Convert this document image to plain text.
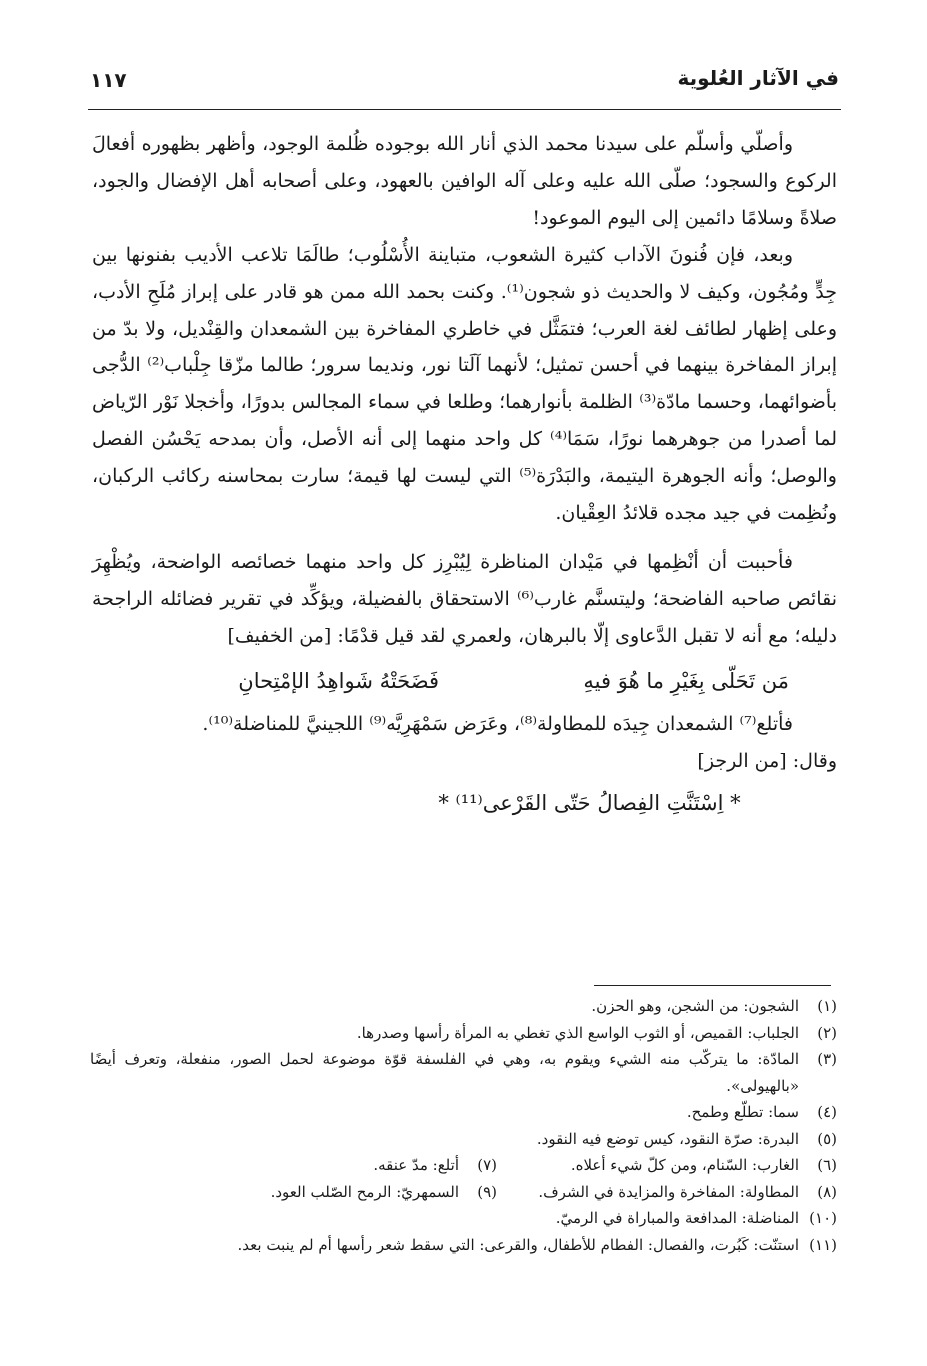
في الآثار العُلوية
١١٧

وأصلّي وأسلّم على سيدنا محمد الذي أنار الله بوجوده ظُلمة الوجود، وأظهر بظهوره أفعالَ الركوع والسجود؛ صلّى الله عليه وعلى آله الوافين بالعهود، وعلى أصحابه أهل الإفضال والجود، صلاةً وسلامًا دائمين إلى اليوم الموعود!

وبعد، فإن فُنونَ الآداب كثيرة الشعوب، متباينة الأُسْلُوب؛ طالَمَا تلاعب الأديب بفنونها بين جِدٍّ ومُجُون، وكيف لا والحديث ذو شجون⁽¹⁾. وكنت بحمد الله ممن هو قادر على إبراز مُلَحِ الأدب، وعلى إظهار لطائف لغة العرب؛ فتمَثَّل في خاطري المفاخرة بين الشمعدان والقِنْديل، ولا بدّ من إبراز المفاخرة بينهما في أحسن تمثيل؛ لأنهما آلَتا نور، ونديما سرور؛ طالما مزّقا جِلْباب⁽²⁾ الدُّجى بأضوائهما، وحسما مادّة⁽³⁾ الظلمة بأنوارهما؛ وطلعا في سماء المجالس بدورًا، وأخجلا نَوْر الرّياض لما أصدرا من جوهرهما نورًا، سَمَا⁽⁴⁾ كل واحد منهما إلى أنه الأصل، وأن بمدحه يَحْسُن الفصل والوصل؛ وأنه الجوهرة اليتيمة، والبَدْرَة⁽⁵⁾ التي ليست لها قيمة؛ سارت بمحاسنه ركائب الركبان، ونُظِمت في جيد مجده قلائدُ العِقْيان.

فأحببت أن أنْظِمها في مَيْدان المناظرة لِيُبْرِز كل واحد منهما خصائصه الواضحة، ويُظْهِرَ نقائص صاحبه الفاضحة؛ وليتسنَّم غارب⁽⁶⁾ الاستحقاق بالفضيلة، ويؤكِّد في تقرير فضائله الراجحة دليله؛ مع أنه لا تقبل الدَّعاوى إلّا بالبرهان، ولعمري لقد قيل قدْمًا: [من الخفيف]

مَن تَحَلّى بِغَيْرِ ما هُوَ فيهِ
فَضَحَتْهُ شَواهِدُ الإمْتِحانِ

فأتلع⁽⁷⁾ الشمعدان جِيدَه للمطاولة⁽⁸⁾، وعَرَض سَمْهَرِيَّه⁽⁹⁾ اللجينيَّ للمناضلة⁽¹⁰⁾.

وقال: [من الرجز]

* اِسْتَنَّتِ الفِصالُ حَتّى القَرْعى⁽¹¹⁾ *
(١)
الشجون: من الشجن، وهو الحزن.
(٢)
الجلباب: القميص، أو الثوب الواسع الذي تغطي به المرأة رأسها وصدرها.
(٣)
المادّة: ما يتركّب منه الشيء ويقوم به، وهي في الفلسفة قوّة موضوعة لحمل الصور، منفعلة، وتعرف أيضًا «بالهيولى».
(٤)
سما: تطلّع وطمح.
(٥)
البدرة: صرّة النقود، كيس توضع فيه النقود.
(٦)
الغارب: السّنام، ومن كلّ شيء أعلاه.
(٧)
أتلع: مدّ عنقه.
(٨)
المطاولة: المفاخرة والمزايدة في الشرف.
(٩)
السمهريّ: الرمح الصّلب العود.
(١٠)
المناضلة: المدافعة والمباراة في الرميّ.
(١١)
استنّت: كَبُرت، والفصال: الفطام للأطفال، والقرعى: التي سقط شعر رأسها أم لم ينبت بعد.
